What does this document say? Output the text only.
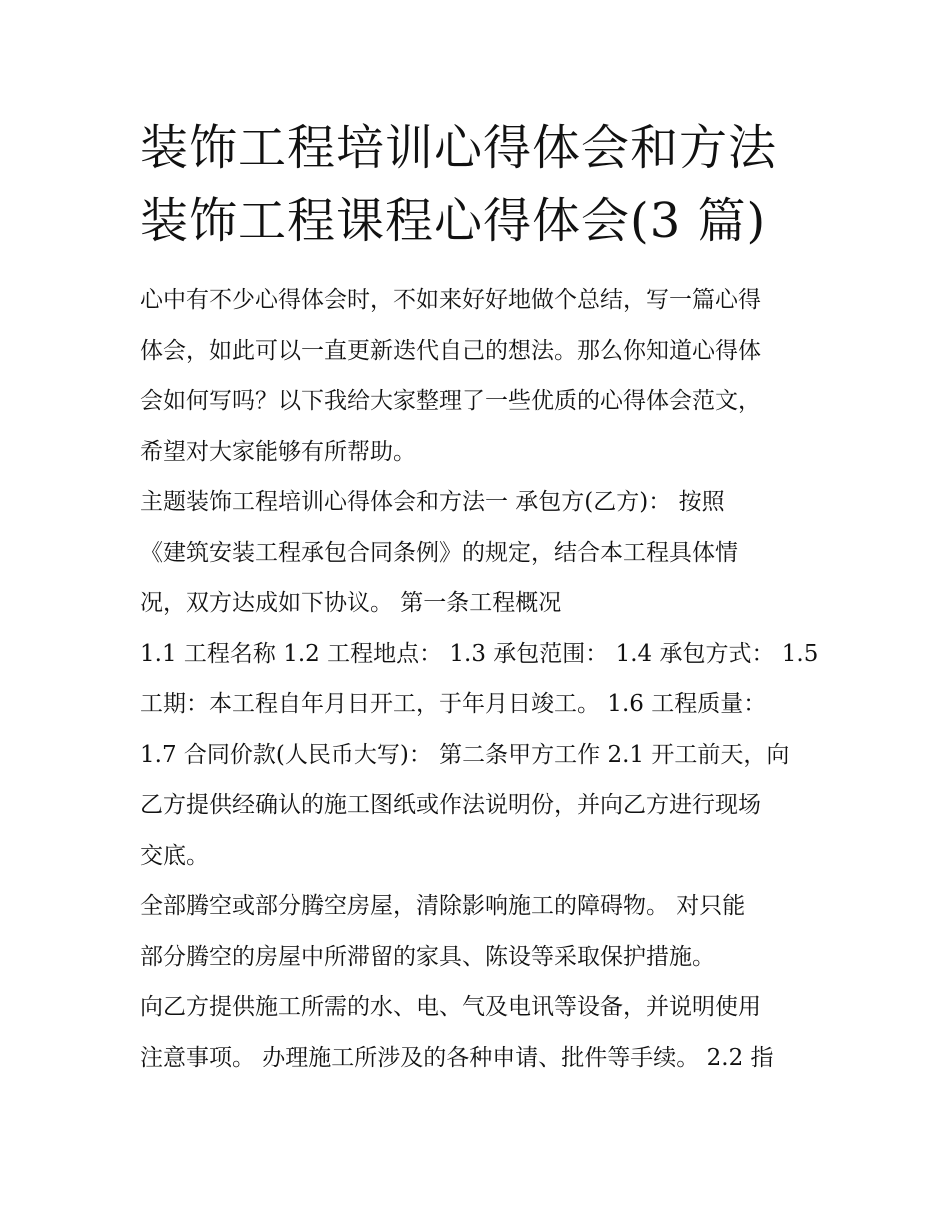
装饰工程培训心得体会和方法
装饰工程课程心得体会(3 篇)

心中有不少心得体会时，不如来好好地做个总结，写一篇心得
体会，如此可以一直更新迭代自己的想法。那么你知道心得体
会如何写吗？以下我给大家整理了一些优质的心得体会范文，
希望对大家能够有所帮助。

主题装饰工程培训心得体会和方法一 承包方(乙方)： 按照
《建筑安装工程承包合同条例》的规定，结合本工程具体情
况，双方达成如下协议。 第一条工程概况

1.1 工程名称 1.2 工程地点： 1.3 承包范围： 1.4 承包方式： 1.5
工期：本工程自年月日开工，于年月日竣工。 1.6 工程质量：
1.7 合同价款(人民币大写)： 第二条甲方工作 2.1 开工前天，向
乙方提供经确认的施工图纸或作法说明份，并向乙方进行现场
交底。

全部腾空或部分腾空房屋，清除影响施工的障碍物。 对只能
部分腾空的房屋中所滞留的家具、陈设等采取保护措施。

向乙方提供施工所需的水、电、气及电讯等设备，并说明使用
注意事项。 办理施工所涉及的各种申请、批件等手续。 2.2 指
